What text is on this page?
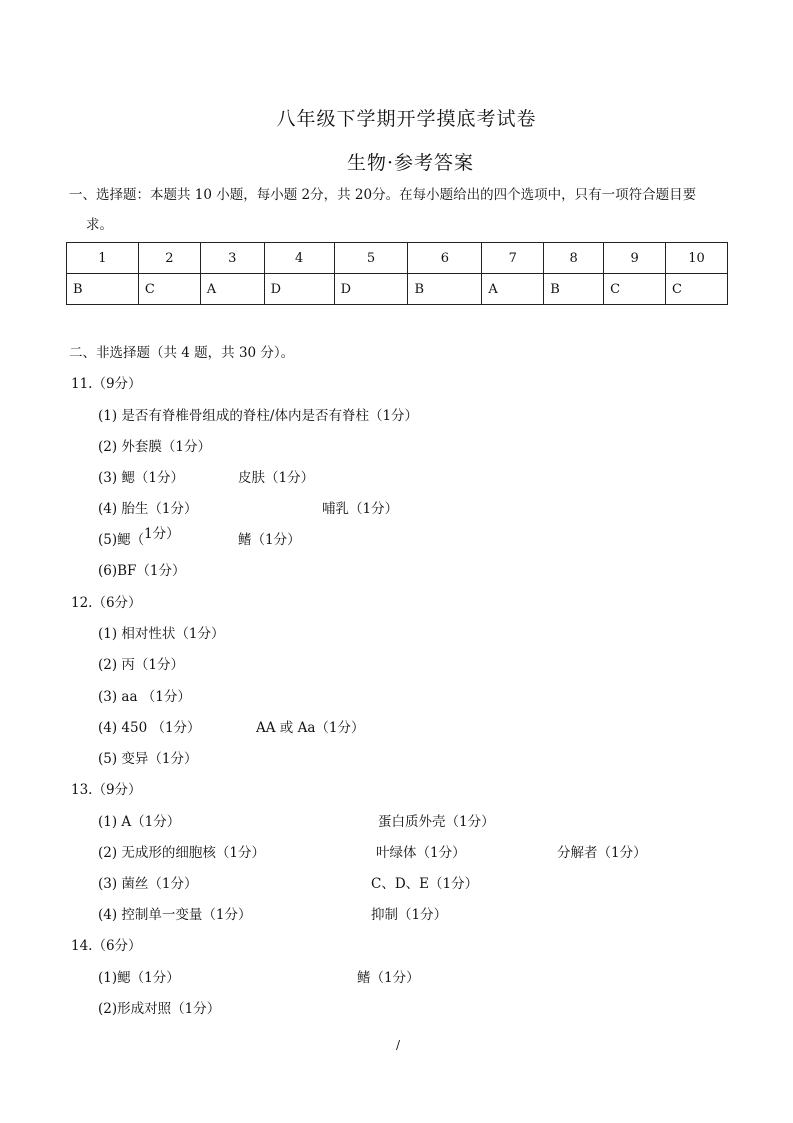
八年级下学期开学摸底考试卷
生物·参考答案
一、选择题：本题共 10 小题，每小题 2分，共 20分。在每小题给出的四个选项中，只有一项符合题目要
求。
1	2	3	4	5	6	7	8	9	10
B	C	A	D	D	B	A	B	C	C
二、非选择题（共 4 题，共 30 分）。
11.（9分）
(1) 是否有脊椎骨组成的脊柱/体内是否有脊柱（1分）
(2) 外套膜（1分）
(3) 鳃（1分）	皮肤（1分）
(4) 胎生（1分）	哺乳（1分）
(5)鳃（ 1分）	鳍（1分）
(6)BF（1分）
12.（6分）
(1) 相对性状（1分）
(2) 丙（1分）
(3) aa （1分）
(4) 450 （1分）	AA 或 Aa（1分）
(5) 变异（1分）
13.（9分）
(1) A（1分）	蛋白质外壳（1分）
(2) 无成形的细胞核（1分）	叶绿体（1分）	分解者（1分）
(3) 菌丝（1分）	C、D、E（1分）
(4) 控制单一变量（1分）	抑制（1分）
14.（6分）
(1)鳃（1分）	鳍（1分）
(2)形成对照（1分）
/
